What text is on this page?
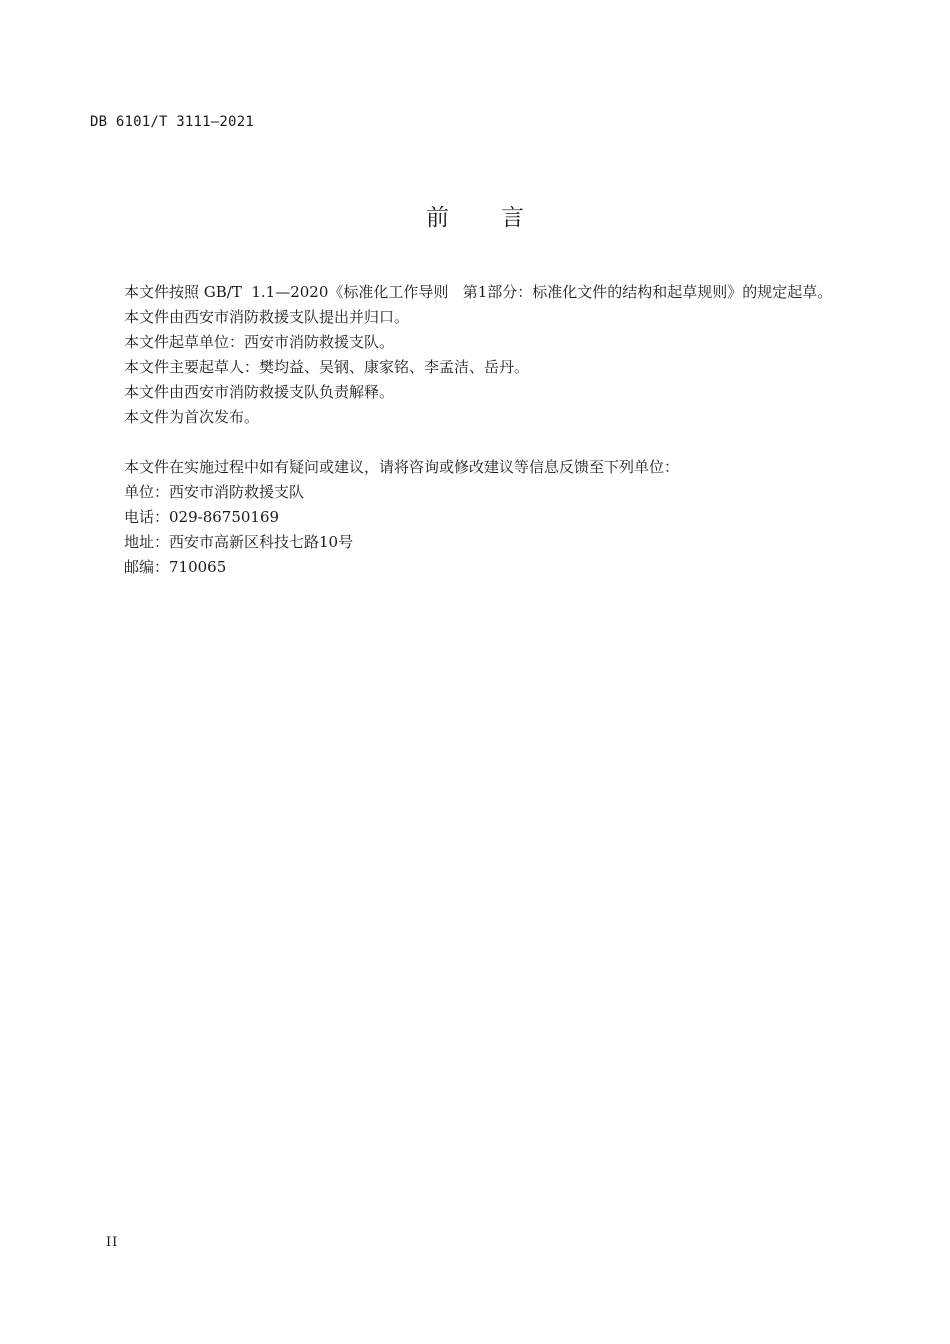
DB 6101/T 3111—2021
前 言

本文件按照 GB/T  1.1—2020《标准化工作导则   第1部分：标准化文件的结构和起草规则》的规定起草。

本文件由西安市消防救援支队提出并归口。

本文件起草单位：西安市消防救援支队。

本文件主要起草人：樊均益、吴钢、康家铭、李孟洁、岳丹。

本文件由西安市消防救援支队负责解释。

本文件为首次发布。

本文件在实施过程中如有疑问或建议，请将咨询或修改建议等信息反馈至下列单位：

单位：西安市消防救援支队

电话：029-86750169

地址：西安市高新区科技七路10号

邮编：710065

II
